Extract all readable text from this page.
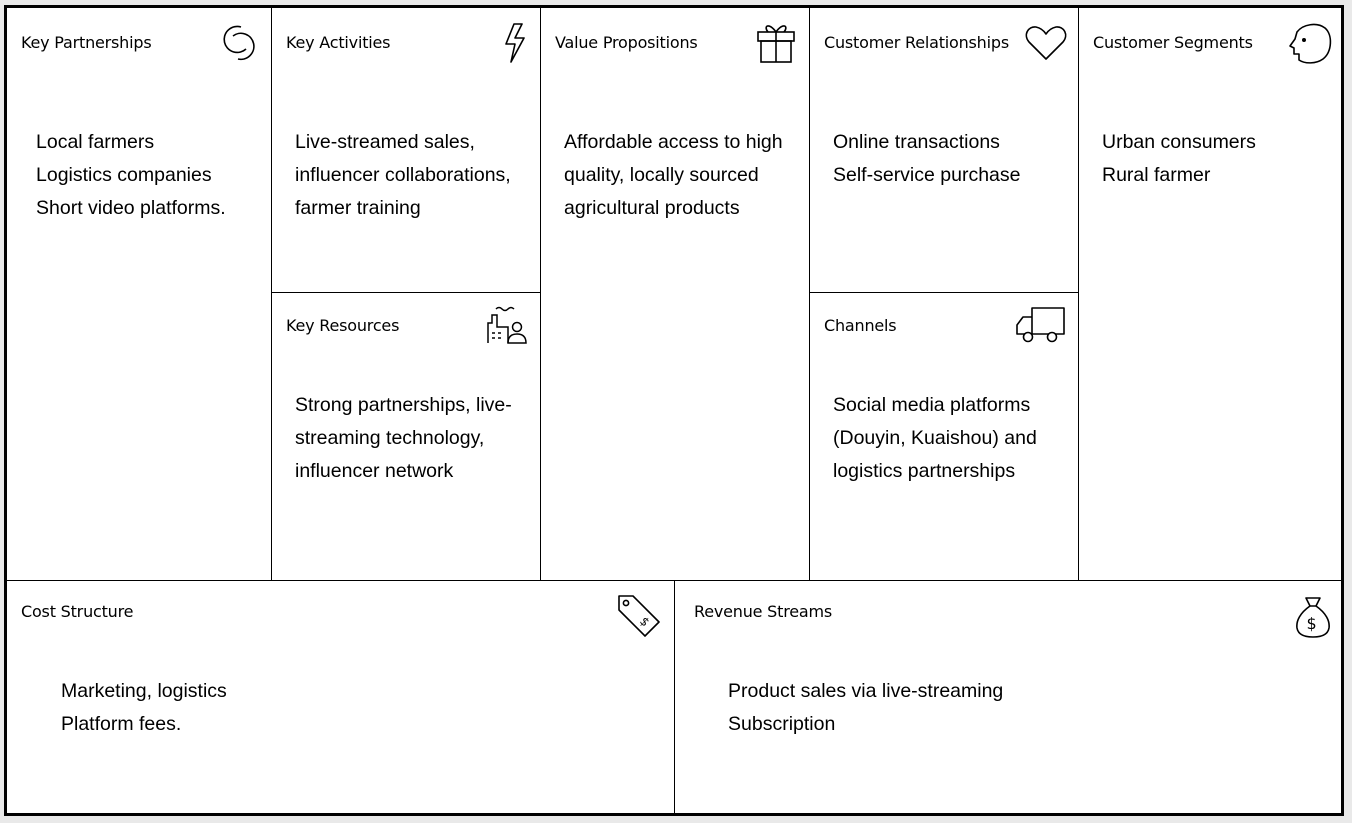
Key Partnerships
Local farmers
Logistics companies
Short video platforms.
Key Activities
Live-streamed sales,
influencer collaborations,
farmer training
Key Resources
Strong partnerships, live-
streaming technology,
influencer network
Value Propositions
Affordable access to high
quality, locally sourced
agricultural products
Customer Relationships
Online transactions
Self-service purchase
Channels
Social media platforms
(Douyin, Kuaishou) and
logistics partnerships
Customer Segments
Urban consumers
Rural farmer
Cost Structure
$
Marketing, logistics
Platform fees.
Revenue Streams
$
Product sales via live-streaming
Subscription
